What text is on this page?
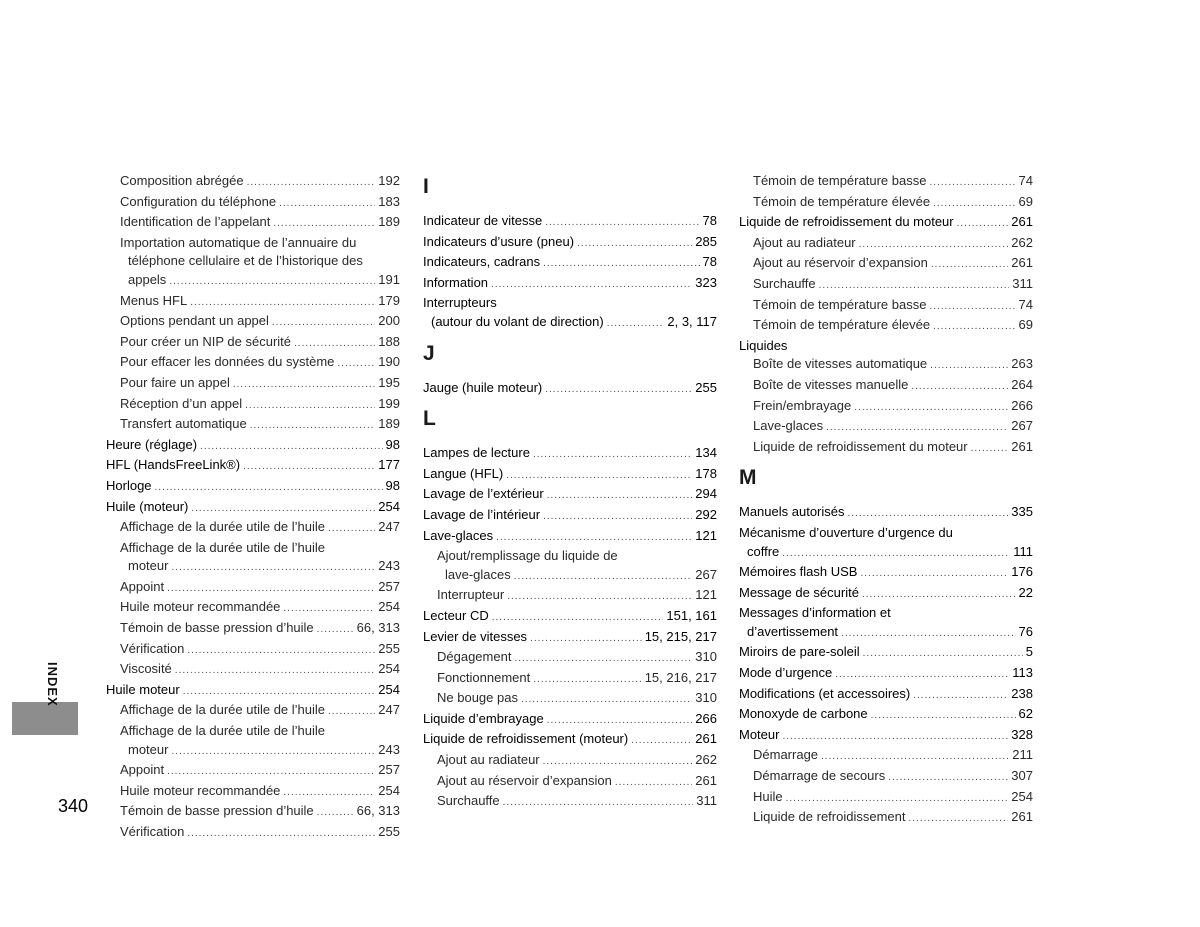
Composition abrégée .....	192
Configuration du téléphone .....	183
Identification de l’appelant .....	189
Importation automatique de l’annuaire du
téléphone cellulaire et de l’historique des
appels .....	191
Menus HFL .....	179
Options pendant un appel .....	200
Pour créer un NIP de sécurité .....	188
Pour effacer les données du système .....	190
Pour faire un appel .....	195
Réception d’un appel .....	199
Transfert automatique .....	189
Heure (réglage) .....	98
HFL (HandsFreeLink®) .....	177
Horloge .....	98
Huile (moteur) .....	254
Affichage de la durée utile de l’huile .....	247
Affichage de la durée utile de l’huile
moteur .....	243
Appoint .....	257
Huile moteur recommandée .....	254
Témoin de basse pression d’huile .....	66, 313
Vérification .....	255
Viscosité .....	254
Huile moteur .....	254
Affichage de la durée utile de l’huile .....	247
Affichage de la durée utile de l’huile
moteur .....	243
Appoint .....	257
Huile moteur recommandée .....	254
Témoin de basse pression d’huile .....	66, 313
Vérification .....	255
I
Indicateur de vitesse .....	78
Indicateurs d’usure (pneu) .....	285
Indicateurs, cadrans .....	78
Information .....	323
Interrupteurs
(autour du volant de direction) .....	2, 3, 117
J
Jauge (huile moteur) .....	255
L
Lampes de lecture .....	134
Langue (HFL) .....	178
Lavage de l’extérieur .....	294
Lavage de l’intérieur .....	292
Lave-glaces .....	121
Ajout/remplissage du liquide de
lave-glaces .....	267
Interrupteur .....	121
Lecteur CD .....	151, 161
Levier de vitesses .....	15, 215, 217
Dégagement .....	310
Fonctionnement .....	15, 216, 217
Ne bouge pas .....	310
Liquide d’embrayage .....	266
Liquide de refroidissement (moteur) .....	261
Ajout au radiateur .....	262
Ajout au réservoir d’expansion .....	261
Surchauffe .....	311
Témoin de température basse .....	74
Témoin de température élevée .....	69
Liquide de refroidissement du moteur .....	261
Ajout au radiateur .....	262
Ajout au réservoir d’expansion .....	261
Surchauffe .....	311
Témoin de température basse .....	74
Témoin de température élevée .....	69
Liquides
Boîte de vitesses automatique .....	263
Boîte de vitesses manuelle .....	264
Frein/embrayage .....	266
Lave-glaces .....	267
Liquide de refroidissement du moteur .....	261
M
Manuels autorisés .....	335
Mécanisme d’ouverture d’urgence du
coffre .....	111
Mémoires flash USB .....	176
Message de sécurité .....	22
Messages d’information et
d’avertissement .....	76
Miroirs de pare-soleil .....	5
Mode d’urgence .....	113
Modifications (et accessoires) .....	238
Monoxyde de carbone .....	62
Moteur .....	328
Démarrage .....	211
Démarrage de secours .....	307
Huile .....	254
Liquide de refroidissement .....	261
INDEX
340
